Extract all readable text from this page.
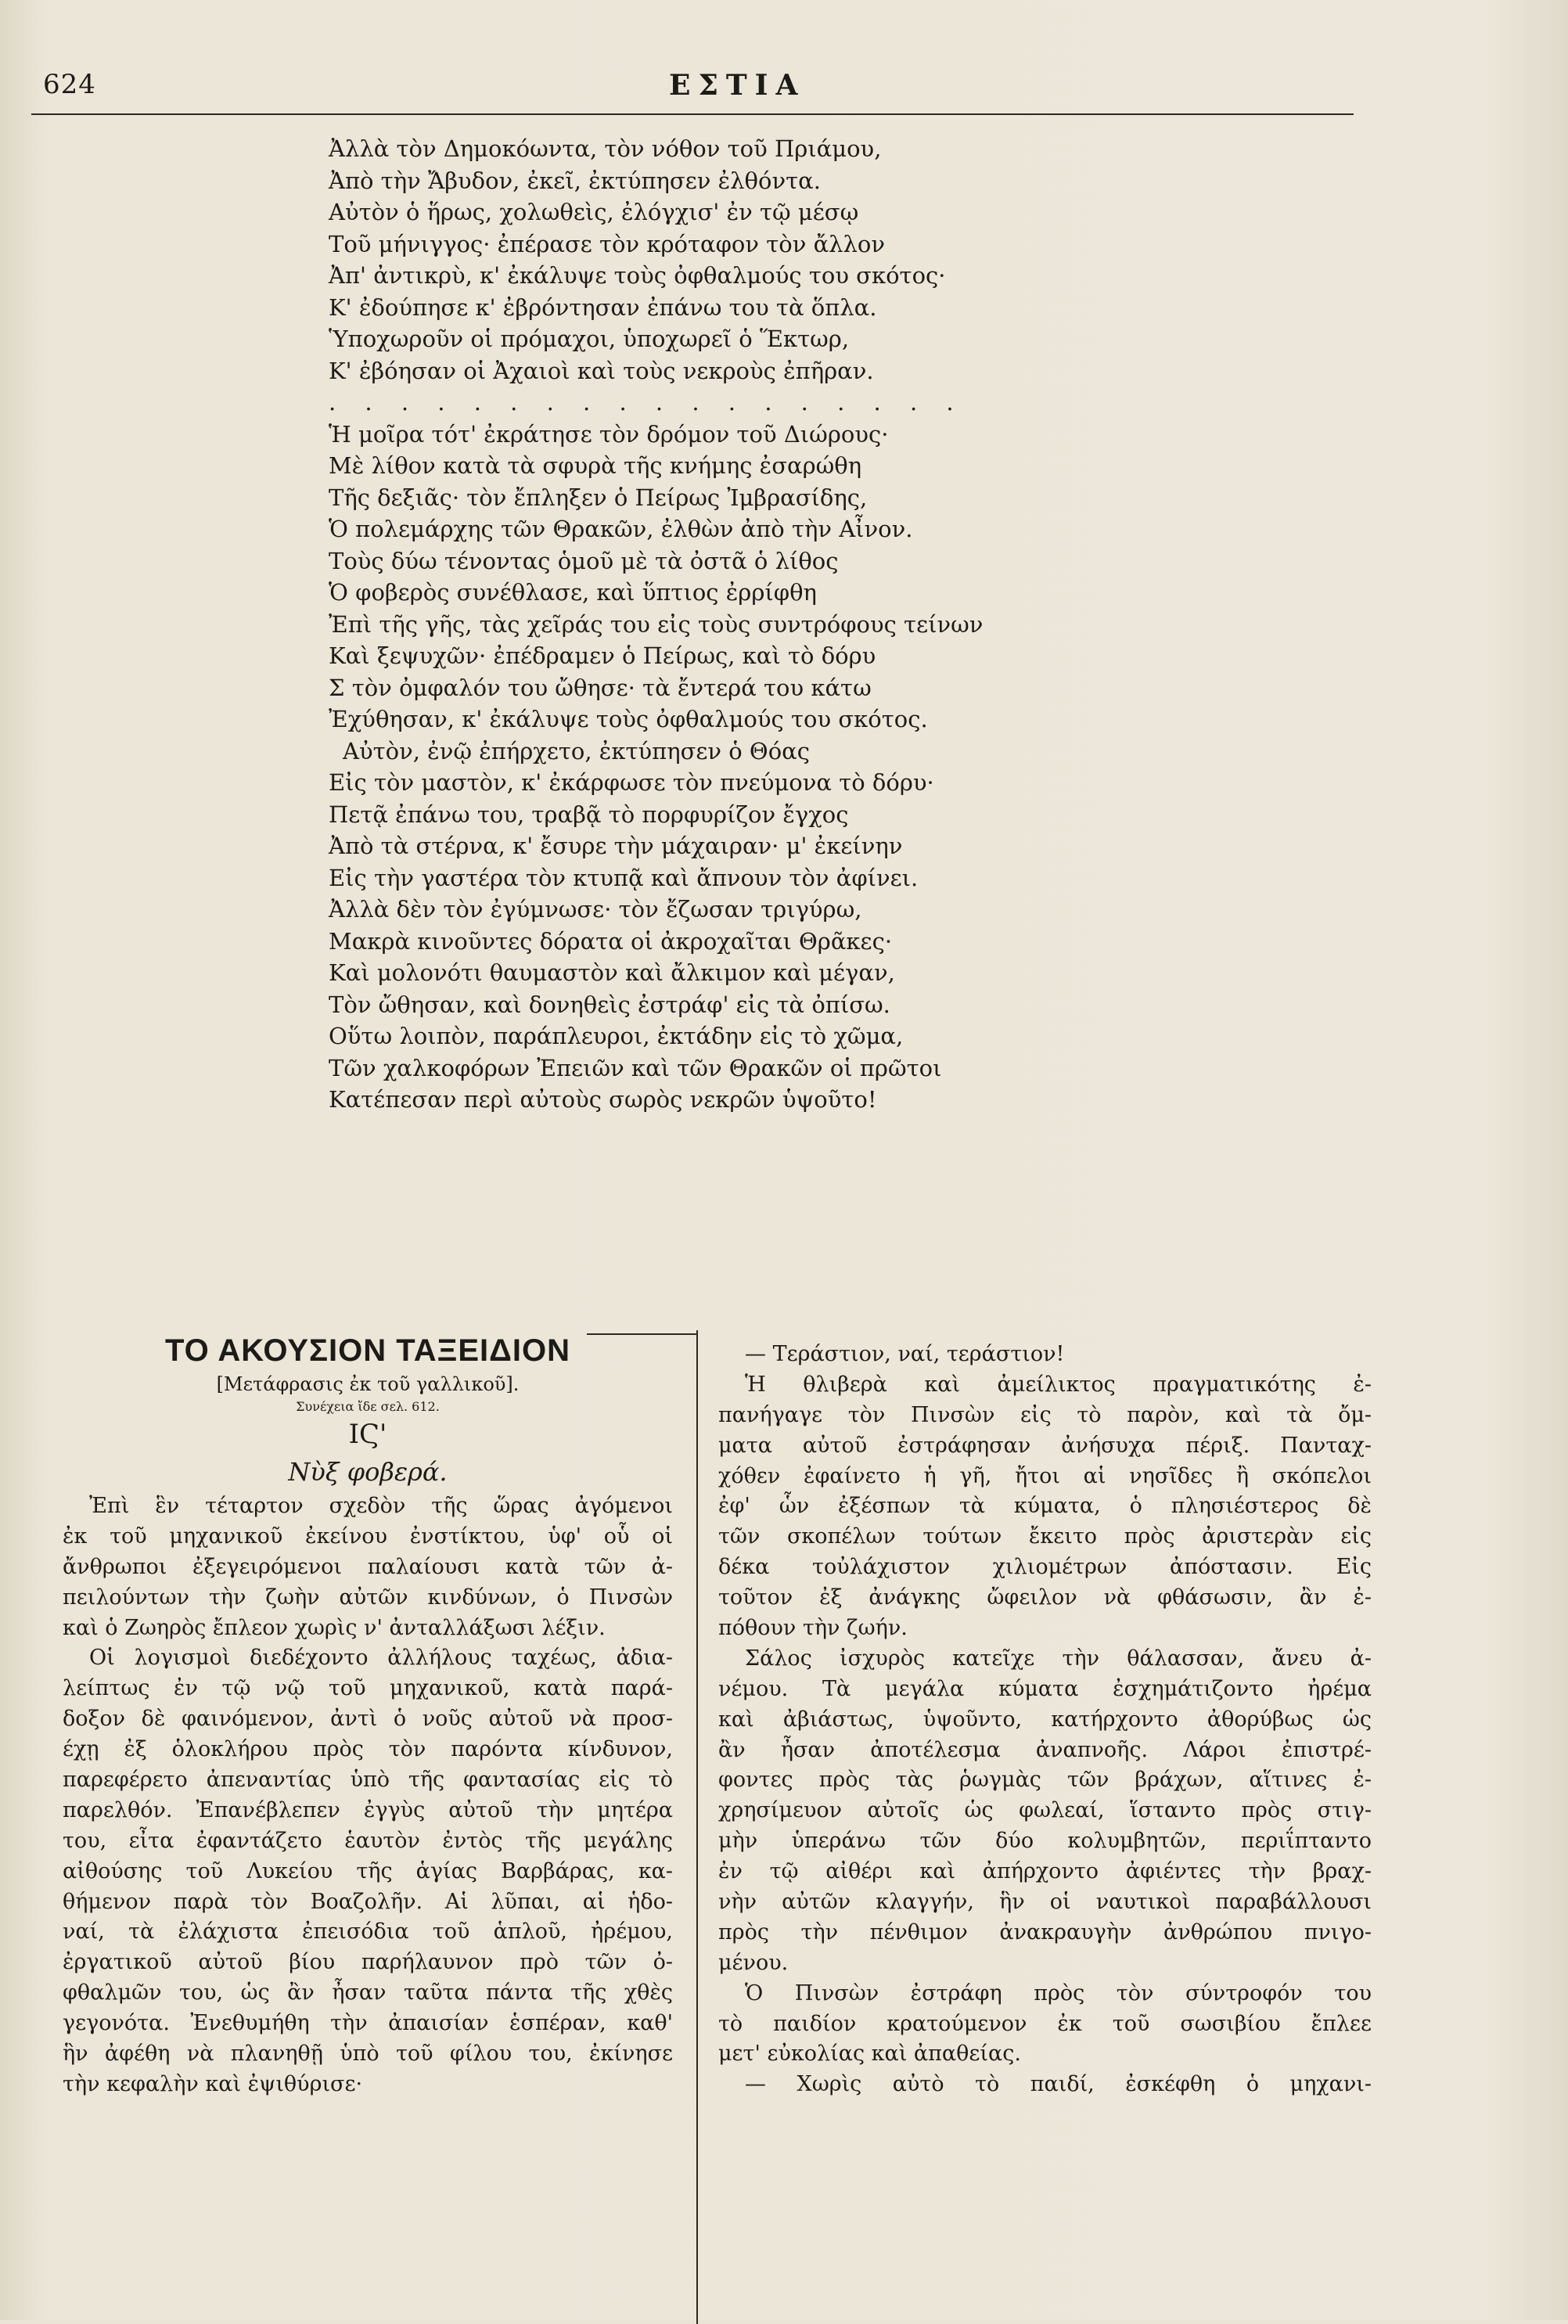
624	ΕΣΤΙΑ
Ἀλλὰ τὸν Δημοκόωντα, τὸν νόθον τοῦ Πριάμου,
Ἀπὸ τὴν Ἄβυδον, ἐκεῖ, ἐκτύπησεν ἐλθόντα.
Αὐτὸν ὁ ἥρως, χολωθεὶς, ἐλόγχισ' ἐν τῷ μέσῳ
Τοῦ μήνιγγος· ἐπέρασε τὸν κρόταφον τὸν ἄλλον
Ἀπ' ἀντικρὺ, κ' ἐκάλυψε τοὺς ὀφθαλμούς του σκότος·
Κ' ἐδούπησε κ' ἐβρόντησαν ἐπάνω του τὰ ὅπλα.
Ὑποχωροῦν οἱ πρόμαχοι, ὑποχωρεῖ ὁ Ἕκτωρ,
Κ' ἐβόησαν οἱ Ἀχαιοὶ καὶ τοὺς νεκροὺς ἐπῆραν.
. . . . . . . . . . . . . . . . . .
Ἡ μοῖρα τότ' ἐκράτησε τὸν δρόμον τοῦ Διώρους·
Μὲ λίθον κατὰ τὰ σφυρὰ τῆς κνήμης ἐσαρώθη
Τῆς δεξιᾶς· τὸν ἔπληξεν ὁ Πείρως Ἰμβρασίδης,
Ὁ πολεμάρχης τῶν Θρακῶν, ἐλθὼν ἀπὸ τὴν Αἶνον.
Τοὺς δύω τένοντας ὁμοῦ μὲ τὰ ὀστᾶ ὁ λίθος
Ὁ φοβερὸς συνέθλασε, καὶ ὕπτιος ἐρρίφθη
Ἐπὶ τῆς γῆς, τὰς χεῖράς του εἰς τοὺς συντρόφους τείνων
Καὶ ξεψυχῶν· ἐπέδραμεν ὁ Πείρως, καὶ τὸ δόρυ
Σ τὸν ὀμφαλόν του ὤθησε· τὰ ἔντερά του κάτω
Ἐχύθησαν, κ' ἐκάλυψε τοὺς ὀφθαλμούς του σκότος.
Αὐτὸν, ἐνῷ ἐπήρχετο, ἐκτύπησεν ὁ Θόας
Εἰς τὸν μαστὸν, κ' ἐκάρφωσε τὸν πνεύμονα τὸ δόρυ·
Πετᾷ ἐπάνω του, τραβᾷ τὸ πορφυρίζον ἔγχος
Ἀπὸ τὰ στέρνα, κ' ἔσυρε τὴν μάχαιραν· μ' ἐκείνην
Εἰς τὴν γαστέρα τὸν κτυπᾷ καὶ ἄπνουν τὸν ἀφίνει.
Ἀλλὰ δὲν τὸν ἐγύμνωσε· τὸν ἔζωσαν τριγύρω,
Μακρὰ κινοῦντες δόρατα οἱ ἀκροχαῖται Θρᾶκες·
Καὶ μολονότι θαυμαστὸν καὶ ἄλκιμον καὶ μέγαν,
Τὸν ὤθησαν, καὶ δονηθεὶς ἐστράφ' εἰς τὰ ὀπίσω.
Οὕτω λοιπὸν, παράπλευροι, ἐκτάδην εἰς τὸ χῶμα,
Τῶν χαλκοφόρων Ἐπειῶν καὶ τῶν Θρακῶν οἱ πρῶτοι
Κατέπεσαν περὶ αὐτοὺς σωρὸς νεκρῶν ὑψοῦτο!
ΤΟ ΑΚΟΥΣΙΟΝ ΤΑΞΕΙΔΙΟΝ
[Μετάφρασις ἐκ τοῦ γαλλικοῦ].
Συνέχεια ἴδε σελ. 612.
ΙϚ'
Νὺξ φοβερά.
Ἐπὶ ἓν τέταρτον σχεδὸν τῆς ὥρας ἀγόμενοι
ἐκ τοῦ μηχανικοῦ ἐκείνου ἐνστίκτου, ὑφ' οὗ οἱ
ἄνθρωποι ἐξεγειρόμενοι παλαίουσι κατὰ τῶν ἀ-
πειλούντων τὴν ζωὴν αὐτῶν κινδύνων, ὁ Πινσὼν
καὶ ὁ Ζωηρὸς ἔπλεον χωρὶς ν' ἀνταλλάξωσι λέξιν.
Οἱ λογισμοὶ διεδέχοντο ἀλλήλους ταχέως, ἀδια-
λείπτως ἐν τῷ νῷ τοῦ μηχανικοῦ, κατὰ παρά-
δοξον δὲ φαινόμενον, ἀντὶ ὁ νοῦς αὐτοῦ νὰ προσ-
έχῃ ἐξ ὁλοκλήρου πρὸς τὸν παρόντα κίνδυνον,
παρεφέρετο ἀπεναντίας ὑπὸ τῆς φαντασίας εἰς τὸ
παρελθόν. Ἐπανέβλεπεν ἐγγὺς αὐτοῦ τὴν μητέρα
του, εἶτα ἐφαντάζετο ἑαυτὸν ἐντὸς τῆς μεγάλης
αἰθούσης τοῦ Λυκείου τῆς ἁγίας Βαρβάρας, κα-
θήμενον παρὰ τὸν Βοαζολῆν. Αἱ λῦπαι, αἱ ἡδο-
ναί, τὰ ἐλάχιστα ἐπεισόδια τοῦ ἁπλοῦ, ἠρέμου,
ἐργατικοῦ αὐτοῦ βίου παρήλαυνον πρὸ τῶν ὀ-
φθαλμῶν του, ὡς ἂν ἦσαν ταῦτα πάντα τῆς χθὲς
γεγονότα. Ἐνεθυμήθη τὴν ἀπαισίαν ἑσπέραν, καθ'
ἣν ἀφέθη νὰ πλανηθῇ ὑπὸ τοῦ φίλου του, ἐκίνησε
τὴν κεφαλὴν καὶ ἐψιθύρισε·
— Τεράστιον, ναί, τεράστιον!
Ἡ θλιβερὰ καὶ ἀμείλικτος πραγματικότης ἐ-
πανήγαγε τὸν Πινσὼν εἰς τὸ παρὸν, καὶ τὰ ὄμ-
ματα αὐτοῦ ἐστράφησαν ἀνήσυχα πέριξ. Πανταχ-
χόθεν ἐφαίνετο ἡ γῆ, ἤτοι αἱ νησῖδες ἢ σκόπελοι
ἐφ' ὧν ἐξέσπων τὰ κύματα, ὁ πλησιέστερος δὲ
τῶν σκοπέλων τούτων ἔκειτο πρὸς ἀριστερὰν εἰς
δέκα τοὐλάχιστον χιλιομέτρων ἀπόστασιν. Εἰς
τοῦτον ἐξ ἀνάγκης ὤφειλον νὰ φθάσωσιν, ἂν ἐ-
πόθουν τὴν ζωήν.
Σάλος ἰσχυρὸς κατεῖχε τὴν θάλασσαν, ἄνευ ἀ-
νέμου. Τὰ μεγάλα κύματα ἐσχημάτιζοντο ἠρέμα
καὶ ἀβιάστως, ὑψοῦντο, κατήρχοντο ἀθορύβως ὡς
ἂν ἦσαν ἀποτέλεσμα ἀναπνοῆς. Λάροι ἐπιστρέ-
φοντες πρὸς τὰς ῥωγμὰς τῶν βράχων, αἵτινες ἐ-
χρησίμευον αὐτοῖς ὡς φωλεαί, ἵσταντο πρὸς στιγ-
μὴν ὑπεράνω τῶν δύο κολυμβητῶν, περιΐπταντο
ἐν τῷ αἰθέρι καὶ ἀπήρχοντο ἀφιέντες τὴν βραχ-
νὴν αὐτῶν κλαγγήν, ἣν οἱ ναυτικοὶ παραβάλλουσι
πρὸς τὴν πένθιμον ἀνακραυγὴν ἀνθρώπου πνιγο-
μένου.
Ὁ Πινσὼν ἐστράφη πρὸς τὸν σύντροφόν του
τὸ παιδίον κρατούμενον ἐκ τοῦ σωσιβίου ἔπλεε
μετ' εὐκολίας καὶ ἀπαθείας.
— Χωρὶς αὐτὸ τὸ παιδί, ἐσκέφθη ὁ μηχανι-
